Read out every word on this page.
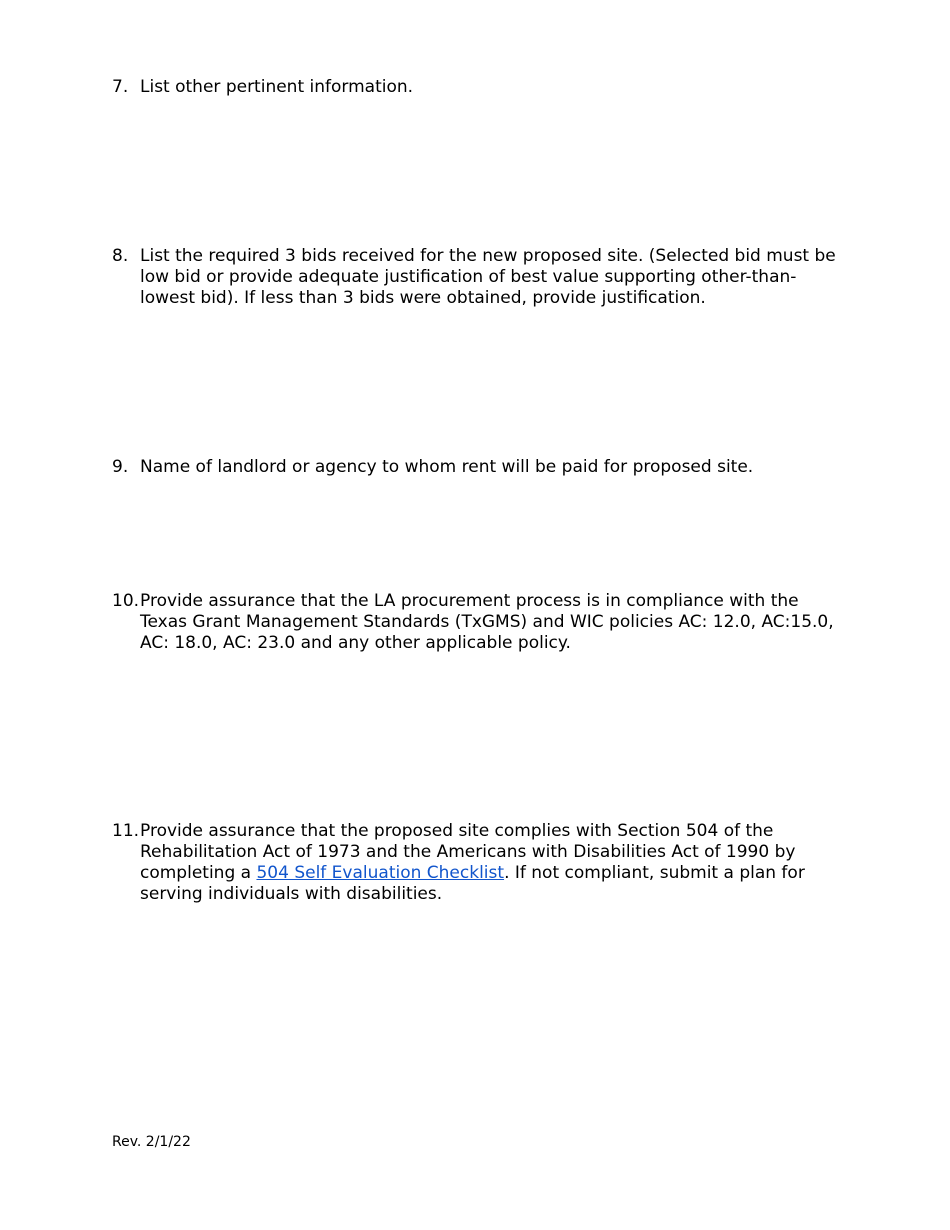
7. List other pertinent information.
8. List the required 3 bids received for the new proposed site. (Selected bid must be low bid or provide adequate justification of best value supporting other-than-lowest bid). If less than 3 bids were obtained, provide justification.
9. Name of landlord or agency to whom rent will be paid for proposed site.
10. Provide assurance that the LA procurement process is in compliance with the Texas Grant Management Standards (TxGMS) and WIC policies AC: 12.0, AC:15.0, AC: 18.0, AC: 23.0 and any other applicable policy.
11. Provide assurance that the proposed site complies with Section 504 of the Rehabilitation Act of 1973 and the Americans with Disabilities Act of 1990 by completing a 504 Self Evaluation Checklist. If not compliant, submit a plan for serving individuals with disabilities.
Rev. 2/1/22
